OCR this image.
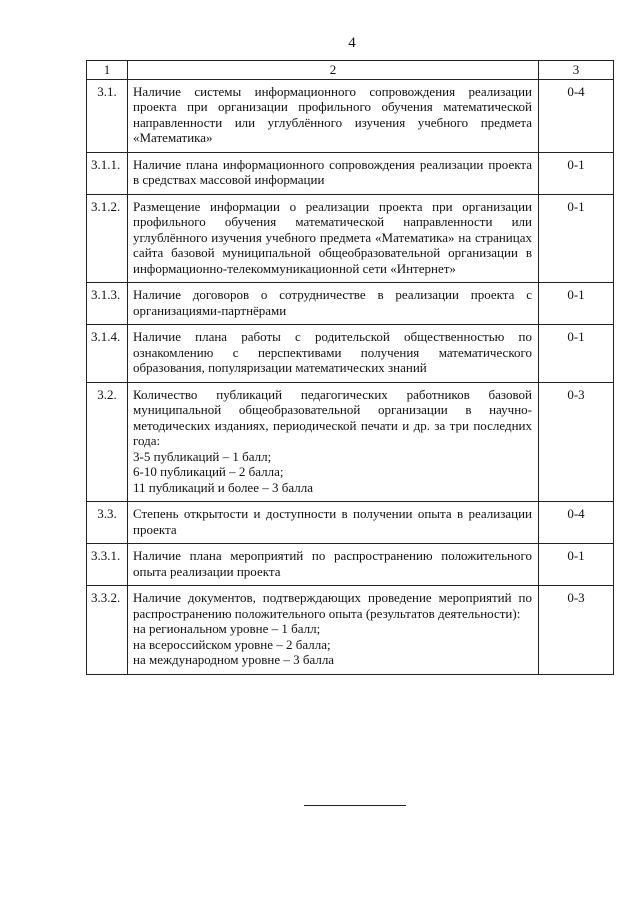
4
1	2	3
3.1.	Наличие системы информационного сопровождения реализации проекта при организации профильного обучения математической направленности или углублённого изучения учебного предмета «Математика»	0-4
3.1.1.	Наличие плана информационного сопровождения реализации проекта в средствах массовой информации	0-1
3.1.2.	Размещение информации о реализации проекта при организации профильного обучения математической направленности или углублённого изучения учебного предмета «Математика» на страницах сайта базовой муниципальной общеобразовательной организации в информационно-телекоммуникационной сети «Интернет»	0-1
3.1.3.	Наличие договоров о сотрудничестве в реализации проекта с организациями-партнёрами	0-1
3.1.4.	Наличие плана работы с родительской общественностью по ознакомлению с перспективами получения математического образования, популяризации математических знаний	0-1
3.2.	Количество публикаций педагогических работников базовой муниципальной общеобразовательной организации в научно-методических изданиях, периодической печати и др. за три последних года:
3-5 публикаций – 1 балл;
6-10 публикаций – 2 балла;
11 публикаций и более – 3 балла	0-3
3.3.	Степень открытости и доступности в получении опыта в реализации проекта	0-4
3.3.1.	Наличие плана мероприятий по распространению положительного опыта реализации проекта	0-1
3.3.2.	Наличие документов, подтверждающих проведение мероприятий по распространению положительного опыта (результатов деятельности):
на региональном уровне – 1 балл;
на всероссийском уровне – 2 балла;
на международном уровне – 3 балла	0-3
